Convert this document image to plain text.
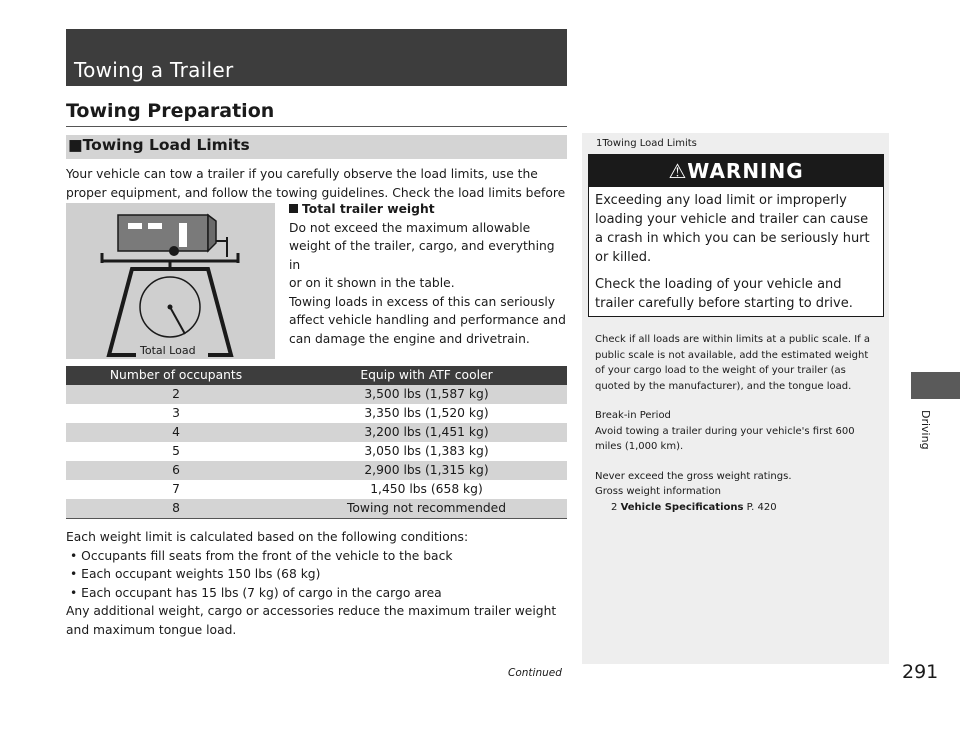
Towing a Trailer
Towing Preparation
■Towing Load Limits
Your vehicle can tow a trailer if you carefully observe the load limits, use the proper equipment, and follow the towing guidelines. Check the load limits before
Total Load
Total trailer weight
Do not exceed the maximum allowable
weight of the trailer, cargo, and everything in
or on it shown in the table.
Towing loads in excess of this can seriously
affect vehicle handling and performance and
can damage the engine and drivetrain.
Number of occupants	Equip with ATF cooler
2	3,500 lbs (1,587 kg)
3	3,350 lbs (1,520 kg)
4	3,200 lbs (1,451 kg)
5	3,050 lbs (1,383 kg)
6	2,900 lbs (1,315 kg)
7	1,450 lbs (658 kg)
8	Towing not recommended
Each weight limit is calculated based on the following conditions:
• Occupants fill seats from the front of the vehicle to the back
• Each occupant weights 150 lbs (68 kg)
• Each occupant has 15 lbs (7 kg) of cargo in the cargo area
Any additional weight, cargo or accessories reduce the maximum trailer weight and maximum tongue load.
1Towing Load Limits
⚠WARNING

Exceeding any load limit or improperly loading your vehicle and trailer can cause a crash in which you can be seriously hurt or killed.

Check the loading of your vehicle and trailer carefully before starting to drive.

Check if all loads are within limits at a public scale. If a public scale is not available, add the estimated weight of your cargo load to the weight of your trailer (as quoted by the manufacturer), and the tongue load.

Break-in Period
Avoid towing a trailer during your vehicle's first 600 miles (1,000 km).

Never exceed the gross weight ratings.
Gross weight information
2 Vehicle Specifications P. 420
Driving
Continued	291
